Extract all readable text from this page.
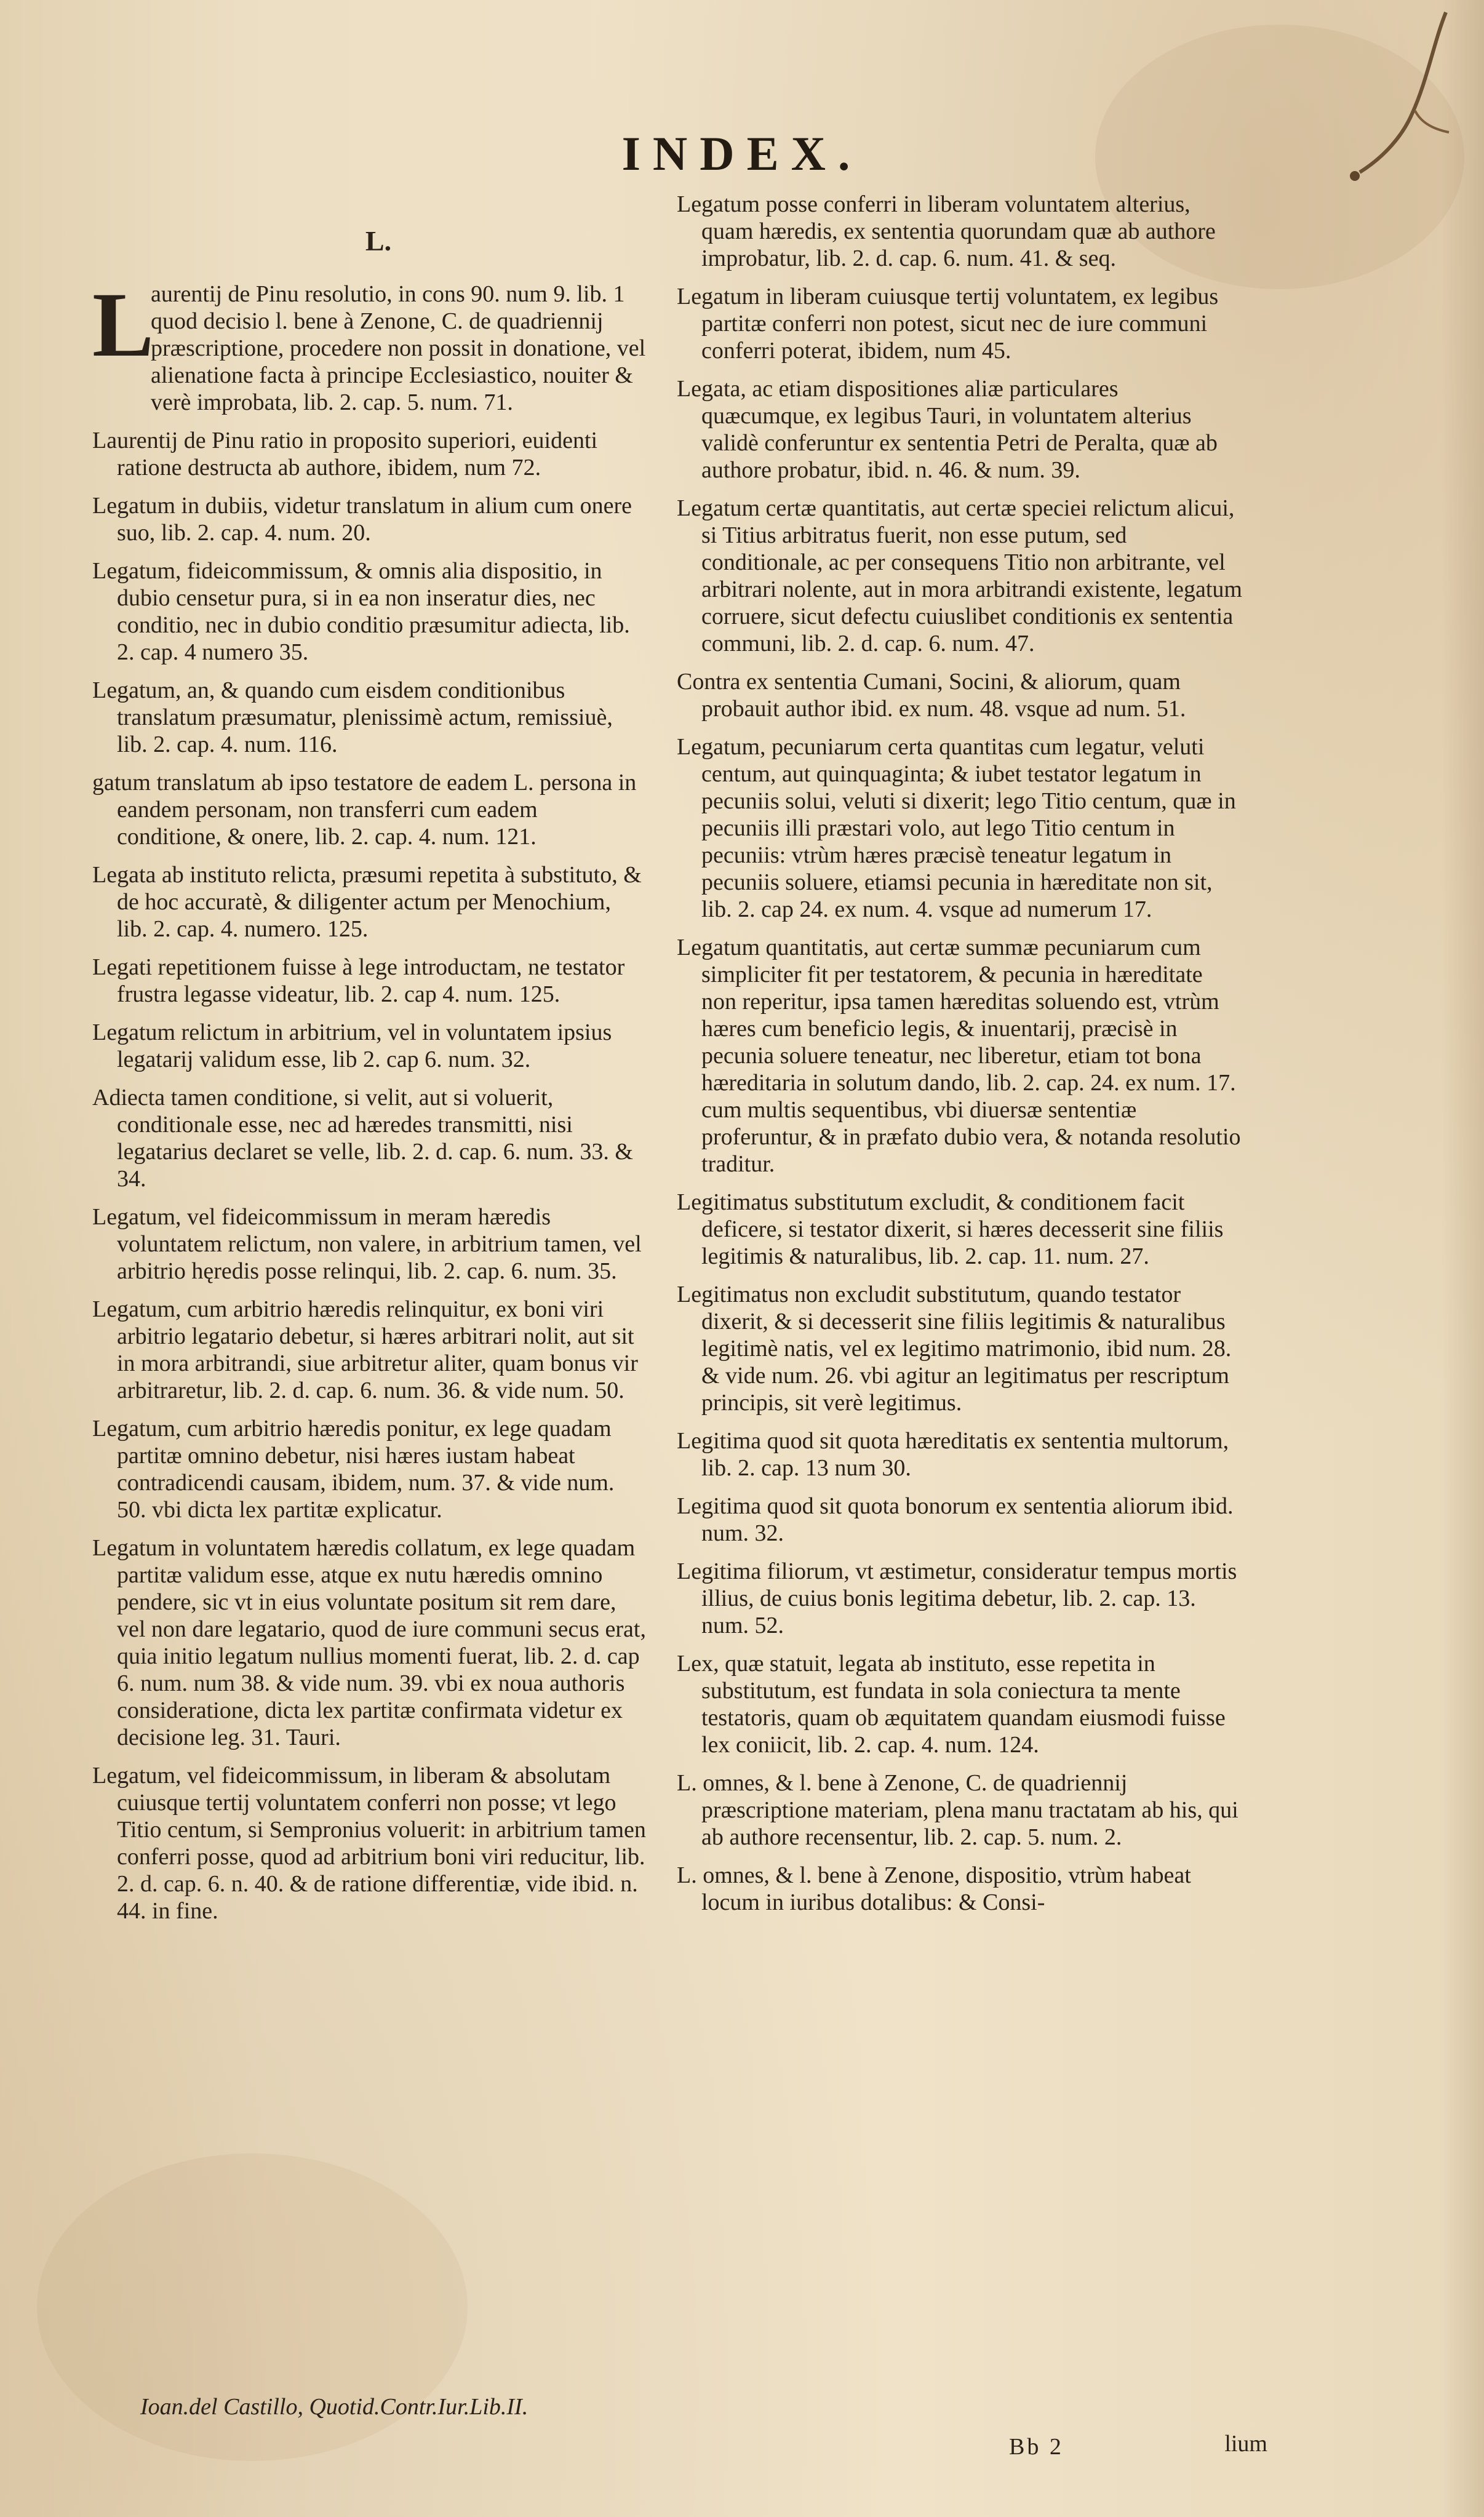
INDEX.
L.

L
aurentij de Pinu resolutio, in cons 90. num 9. lib. 1 quod decisio l. bene à Zenone, C. de quadriennij præscriptione, procedere non possit in donatione, vel alienatione facta à principe Ecclesiastico, nouiter & verè improbata, lib. 2. cap. 5. num. 71.

Laurentij de Pinu ratio in proposito superiori, euidenti ratione destructa ab authore, ibidem, num 72.

Legatum in dubiis, videtur translatum in alium cum onere suo, lib. 2. cap. 4. num. 20.

Legatum, fideicommissum, & omnis alia dispositio, in dubio censetur pura, si in ea non inseratur dies, nec conditio, nec in dubio conditio præsumitur adiecta, lib. 2. cap. 4 numero 35.

Legatum, an, & quando cum eisdem conditionibus translatum præsumatur, plenissimè actum, remissiuè, lib. 2. cap. 4. num. 116.

gatum translatum ab ipso testatore de eadem L. persona in eandem personam, non transferri cum eadem conditione, & onere, lib. 2. cap. 4. num. 121.

Legata ab instituto relicta, præsumi repetita à substituto, & de hoc accuratè, & diligenter actum per Menochium, lib. 2. cap. 4. numero. 125.

Legati repetitionem fuisse à lege introductam, ne testator frustra legasse videatur, lib. 2. cap 4. num. 125.

Legatum relictum in arbitrium, vel in voluntatem ipsius legatarij validum esse, lib 2. cap 6. num. 32.

Adiecta tamen conditione, si velit, aut si voluerit, conditionale esse, nec ad hæredes transmitti, nisi legatarius declaret se velle, lib. 2. d. cap. 6. num. 33. & 34.

Legatum, vel fideicommissum in meram hæredis voluntatem relictum, non valere, in arbitrium tamen, vel arbitrio hęredis posse relinqui, lib. 2. cap. 6. num. 35.

Legatum, cum arbitrio hæredis relinquitur, ex boni viri arbitrio legatario debetur, si hæres arbitrari nolit, aut sit in mora arbitrandi, siue arbitretur aliter, quam bonus vir arbitraretur, lib. 2. d. cap. 6. num. 36. & vide num. 50.

Legatum, cum arbitrio hæredis ponitur, ex lege quadam partitæ omnino debetur, nisi hæres iustam habeat contradicendi causam, ibidem, num. 37. & vide num. 50. vbi dicta lex partitæ explicatur.

Legatum in voluntatem hæredis collatum, ex lege quadam partitæ validum esse, atque ex nutu hæredis omnino pendere, sic vt in eius voluntate positum sit rem dare, vel non dare legatario, quod de iure communi secus erat, quia initio legatum nullius momenti fuerat, lib. 2. d. cap 6. num. num 38. & vide num. 39. vbi ex noua authoris consideratione, dicta lex partitæ confirmata videtur ex decisione leg. 31. Tauri.

Legatum, vel fideicommissum, in liberam & absolutam cuiusque tertij voluntatem conferri non posse; vt lego Titio centum, si Sempronius voluerit: in arbitrium tamen conferri posse, quod ad arbitrium boni viri reducitur, lib. 2. d. cap. 6. n. 40. & de ratione differentiæ, vide ibid. n. 44. in fine.

Legatum posse conferri in liberam voluntatem alterius, quam hæredis, ex sententia quorundam quæ ab authore improbatur, lib. 2. d. cap. 6. num. 41. & seq.

Legatum in liberam cuiusque tertij voluntatem, ex legibus partitæ conferri non potest, sicut nec de iure communi conferri poterat, ibidem, num 45.

Legata, ac etiam dispositiones aliæ particulares quæcumque, ex legibus Tauri, in voluntatem alterius validè conferuntur ex sententia Petri de Peralta, quæ ab authore probatur, ibid. n. 46. & num. 39.

Legatum certæ quantitatis, aut certæ speciei relictum alicui, si Titius arbitratus fuerit, non esse putum, sed conditionale, ac per consequens Titio non arbitrante, vel arbitrari nolente, aut in mora arbitrandi existente, legatum corruere, sicut defectu cuiuslibet conditionis ex sententia communi, lib. 2. d. cap. 6. num. 47.

Contra ex sententia Cumani, Socini, & aliorum, quam probauit author ibid. ex num. 48. vsque ad num. 51.

Legatum, pecuniarum certa quantitas cum legatur, veluti centum, aut quinquaginta; & iubet testator legatum in pecuniis solui, veluti si dixerit; lego Titio centum, quæ in pecuniis illi præstari volo, aut lego Titio centum in pecuniis: vtrùm hæres præcisè teneatur legatum in pecuniis soluere, etiamsi pecunia in hæreditate non sit, lib. 2. cap 24. ex num. 4. vsque ad numerum 17.

Legatum quantitatis, aut certæ summæ pecuniarum cum simpliciter fit per testatorem, & pecunia in hæreditate non reperitur, ipsa tamen hæreditas soluendo est, vtrùm hæres cum beneficio legis, & inuentarij, præcisè in pecunia soluere teneatur, nec liberetur, etiam tot bona hæreditaria in solutum dando, lib. 2. cap. 24. ex num. 17. cum multis sequentibus, vbi diuersæ sententiæ proferuntur, & in præfato dubio vera, & notanda resolutio traditur.

Legitimatus substitutum excludit, & conditionem facit deficere, si testator dixerit, si hæres decesserit sine filiis legitimis & naturalibus, lib. 2. cap. 11. num. 27.

Legitimatus non excludit substitutum, quando testator dixerit, & si decesserit sine filiis legitimis & naturalibus legitimè natis, vel ex legitimo matrimonio, ibid num. 28. & vide num. 26. vbi agitur an legitimatus per rescriptum principis, sit verè legitimus.

Legitima quod sit quota hæreditatis ex sententia multorum, lib. 2. cap. 13 num 30.

Legitima quod sit quota bonorum ex sententia aliorum ibid. num. 32.

Legitima filiorum, vt æstimetur, consideratur tempus mortis illius, de cuius bonis legitima debetur, lib. 2. cap. 13. num. 52.

Lex, quæ statuit, legata ab instituto, esse repetita in substitutum, est fundata in sola coniectura ta mente testatoris, quam ob æquitatem quandam eiusmodi fuisse lex coniicit, lib. 2. cap. 4. num. 124.

L. omnes, & l. bene à Zenone, C. de quadriennij præscriptione materiam, plena manu tractatam ab his, qui ab authore recensentur, lib. 2. cap. 5. num. 2.

L. omnes, & l. bene à Zenone, dispositio, vtrùm habeat locum in iuribus dotalibus: & Consi-

Ioan.del Castillo, Quotid.Contr.Iur.Lib.II.
Bb 2	lium
